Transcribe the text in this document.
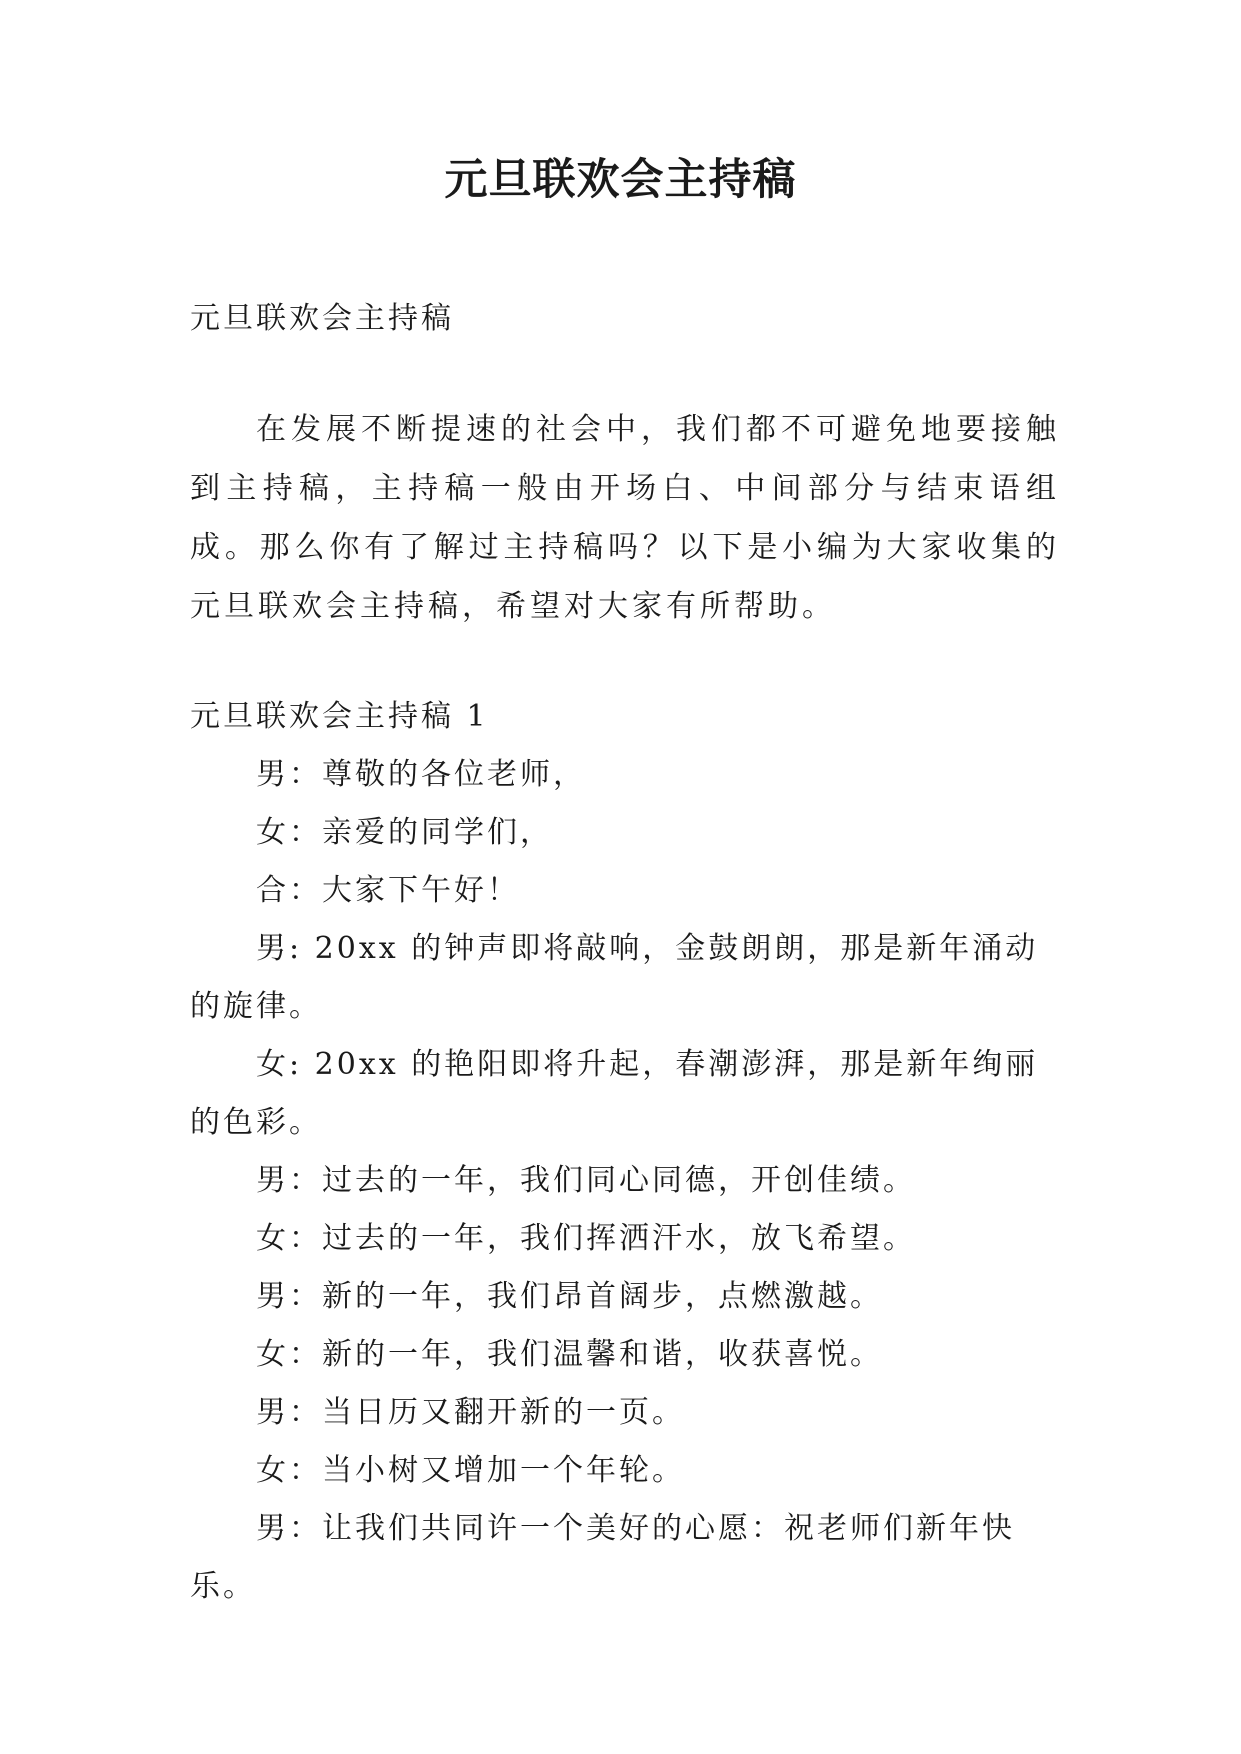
元旦联欢会主持稿

元旦联欢会主持稿

在发展不断提速的社会中，我们都不可避免地要接触到主持稿，主持稿一般由开场白、中间部分与结束语组成。那么你有了解过主持稿吗？以下是小编为大家收集的元旦联欢会主持稿，希望对大家有所帮助。

元旦联欢会主持稿 1

男：尊敬的各位老师，
女：亲爱的同学们，
合：大家下午好！
男: 20xx 的钟声即将敲响，金鼓朗朗，那是新年涌动的旋律。
女: 20xx 的艳阳即将升起，春潮澎湃，那是新年绚丽的色彩。
男：过去的一年，我们同心同德，开创佳绩。
女：过去的一年，我们挥洒汗水，放飞希望。
男：新的一年，我们昂首阔步，点燃激越。
女：新的一年，我们温馨和谐，收获喜悦。
男：当日历又翻开新的一页。
女：当小树又增加一个年轮。
男：让我们共同许一个美好的心愿：祝老师们新年快乐。
